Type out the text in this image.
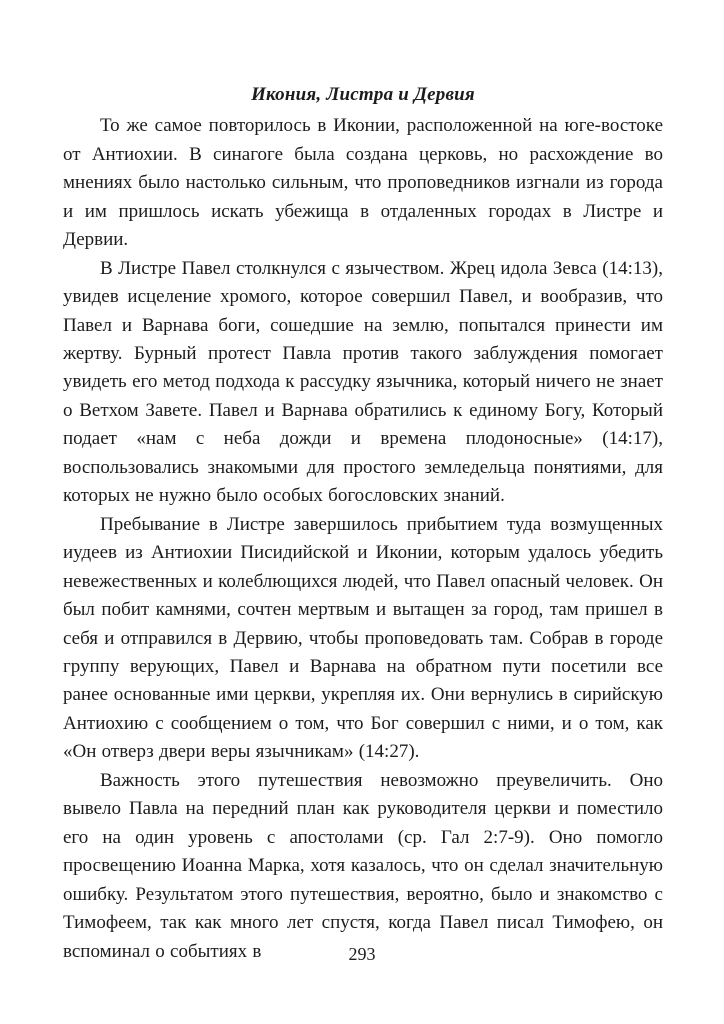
Икония, Листра и Дервия

То же самое повторилось в Иконии, расположенной на юге-востоке от Антиохии. В синагоге была создана церковь, но расхождение во мнениях было настолько сильным, что проповедников изгнали из города и им пришлось искать убежища в отдаленных городах в Листре и Дервии.

В Листре Павел столкнулся с язычеством. Жрец идола Зевса (14:13), увидев исцеление хромого, которое совершил Павел, и вообразив, что Павел и Варнава боги, сошедшие на землю, попытался принести им жертву. Бурный протест Павла против такого заблуждения помогает увидеть его метод подхода к рассудку язычника, который ничего не знает о Ветхом Завете. Павел и Варнава обратились к единому Богу, Который подает «нам с неба дожди и времена плодоносные» (14:17), воспользовались знакомыми для простого земледельца понятиями, для которых не нужно было особых богословских знаний.

Пребывание в Листре завершилось прибытием туда возмущенных иудеев из Антиохии Писидийской и Иконии, которым удалось убедить невежественных и колеблющихся людей, что Павел опасный человек. Он был побит камнями, сочтен мертвым и вытащен за город, там пришел в себя и отправился в Дервию, чтобы проповедовать там. Собрав в городе группу верующих, Павел и Варнава на обратном пути посетили все ранее основанные ими церкви, укрепляя их. Они вернулись в сирийскую Антиохию с сообщением о том, что Бог совершил с ними, и о том, как «Он отверз двери веры язычникам» (14:27).

Важность этого путешествия невозможно преувеличить. Оно вывело Павла на передний план как руководителя церкви и поместило его на один уровень с апостолами (ср. Гал 2:7-9). Оно помогло просвещению Иоанна Марка, хотя казалось, что он сделал значительную ошибку. Результатом этого путешествия, вероятно, было и знакомство с Тимофеем, так как много лет спустя, когда Павел писал Тимофею, он вспоминал о событиях в	293
